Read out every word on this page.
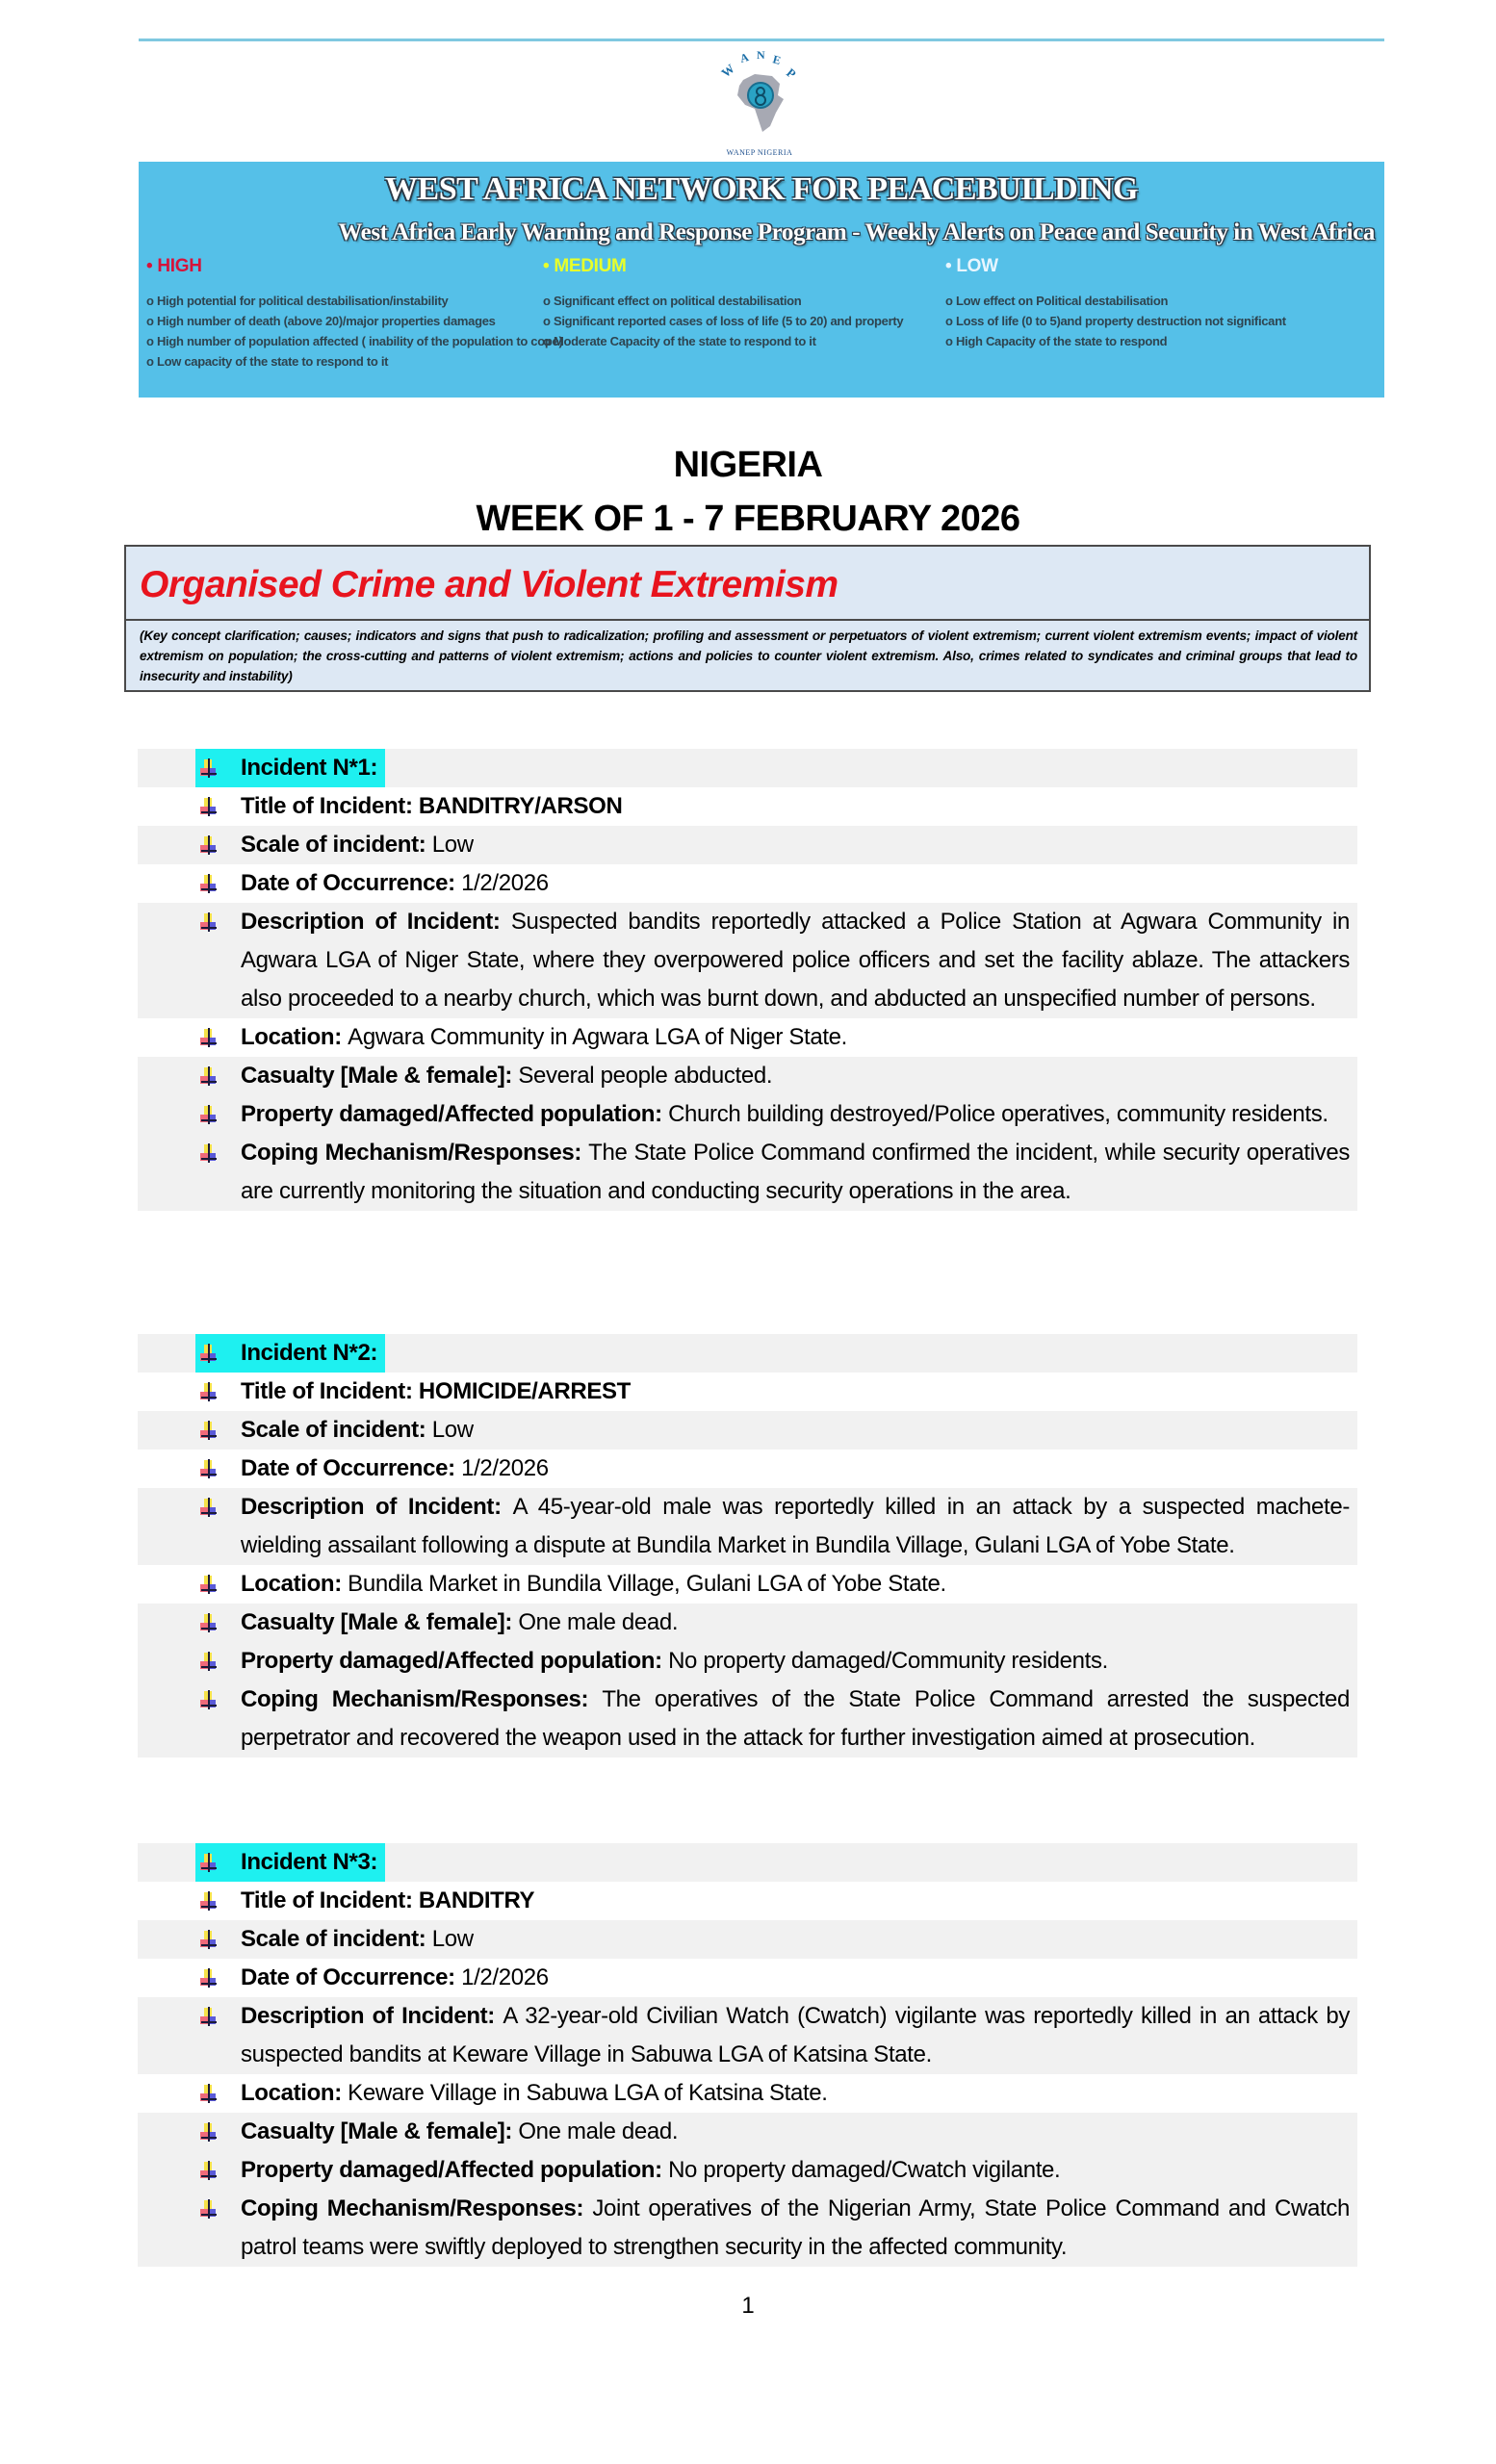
W
A N E
P
WANEP NIGERIA
WEST AFRICA NETWORK FOR PEACEBUILDING
West Africa Early Warning and Response Program - Weekly Alerts on Peace and Security in West Africa
• HIGH
o High potential for political destabilisation/instability
o High number of death (above 20)/major properties damages
o High number of population affected ( inability of the population to cope)
o Low capacity of the state to respond to it
• MEDIUM
o Significant effect on political destabilisation
o Significant reported cases of loss of life (5 to 20) and property
o Moderate Capacity of the state to respond to it
• LOW
o Low effect on Political destabilisation
o Loss of life (0 to 5)and property destruction not significant
o High Capacity of the state to respond
NIGERIA
WEEK OF 1 - 7 FEBRUARY 2026
Organised Crime and Violent Extremism
(Key concept clarification; causes; indicators and signs that push to radicalization; profiling and assessment or perpetuators of violent extremism; current violent extremism events; impact of violent extremism on population; the cross-cutting and patterns of violent extremism; actions and policies to counter violent extremism. Also, crimes related to syndicates and criminal groups that lead to insecurity and instability)
Incident N*1:
Title of Incident: BANDITRY/ARSON
Scale of incident: Low
Date of Occurrence: 1/2/2026
Description of Incident: Suspected bandits reportedly attacked a Police Station at Agwara Community in Agwara LGA of Niger State, where they overpowered police officers and set the facility ablaze. The attackers also proceeded to a nearby church, which was burnt down, and abducted an unspecified number of persons.
Location: Agwara Community in Agwara LGA of Niger State.
Casualty [Male & female]: Several people abducted.
Property damaged/Affected population: Church building destroyed/Police operatives, community residents.
Coping Mechanism/Responses: The State Police Command confirmed the incident, while security operatives are currently monitoring the situation and conducting security operations in the area.
Incident N*2:
Title of Incident: HOMICIDE/ARREST
Scale of incident: Low
Date of Occurrence: 1/2/2026
Description of Incident: A 45-year-old male was reportedly killed in an attack by a suspected machete-wielding assailant following a dispute at Bundila Market in Bundila Village, Gulani LGA of Yobe State.
Location: Bundila Market in Bundila Village, Gulani LGA of Yobe State.
Casualty [Male & female]: One male dead.
Property damaged/Affected population: No property damaged/Community residents.
Coping Mechanism/Responses: The operatives of the State Police Command arrested the suspected perpetrator and recovered the weapon used in the attack for further investigation aimed at prosecution.
Incident N*3:
Title of Incident: BANDITRY
Scale of incident: Low
Date of Occurrence: 1/2/2026
Description of Incident: A 32-year-old Civilian Watch (Cwatch) vigilante was reportedly killed in an attack by suspected bandits at Keware Village in Sabuwa LGA of Katsina State.
Location: Keware Village in Sabuwa LGA of Katsina State.
Casualty [Male & female]: One male dead.
Property damaged/Affected population: No property damaged/Cwatch vigilante.
Coping Mechanism/Responses: Joint operatives of the Nigerian Army, State Police Command and Cwatch patrol teams were swiftly deployed to strengthen security in the affected community.
1
